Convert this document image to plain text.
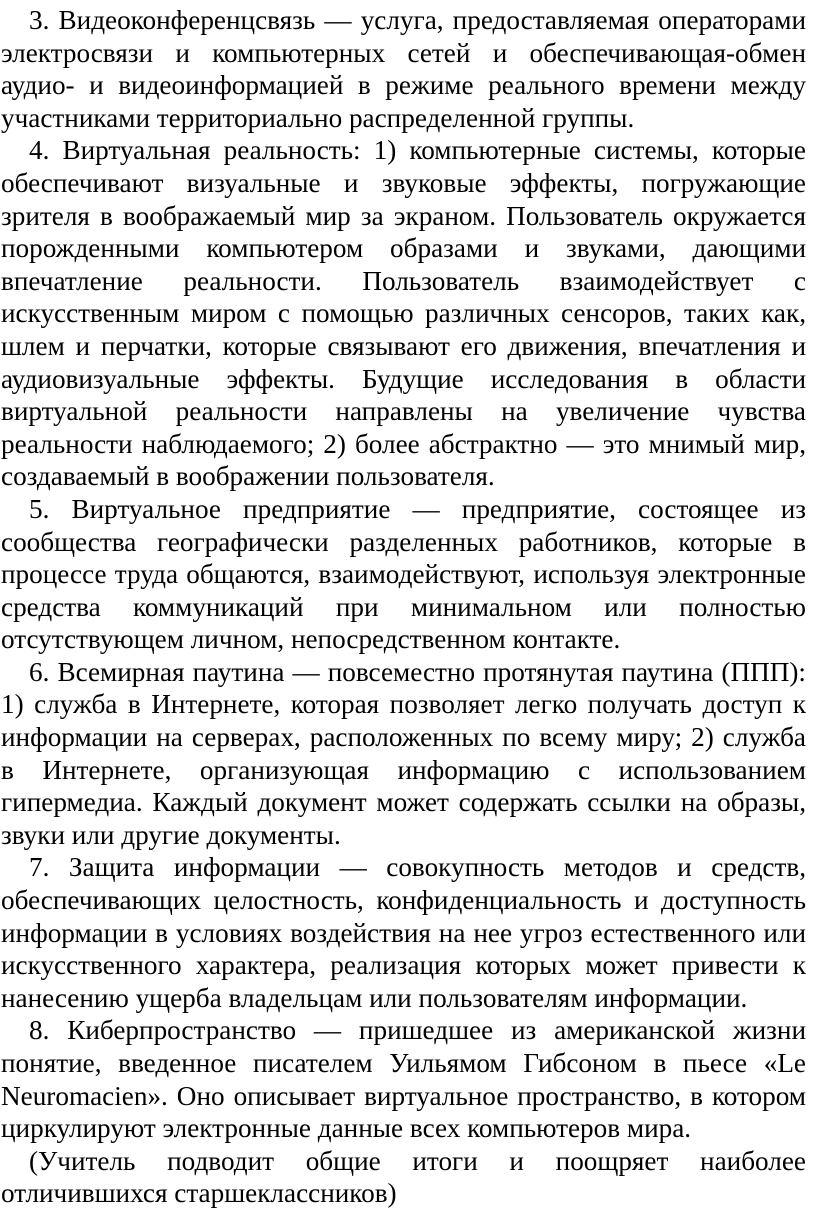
3. Видеоконференцсвязь — услуга, предоставляемая операторами электросвязи и компьютерных сетей и обеспечивающая-обмен аудио- и видеоинформацией в режиме реального времени между участниками территориально распределенной группы.

4. Виртуальная реальность: 1) компьютерные системы, которые обеспечивают визуальные и звуковые эффекты, погружающие зрителя в воображаемый мир за экраном. Пользователь окружается порожденными компьютером образами и звуками, дающими впечатление реальности. Пользователь взаимодействует с искусственным миром с помощью различных сенсоров, таких как, шлем и перчатки, которые связывают его движения, впечатления и аудиовизуальные эффекты. Будущие исследования в области виртуальной реальности направлены на увеличение чувства реальности наблюдаемого; 2) более абстрактно — это мнимый мир, создаваемый в воображении пользователя.

5. Виртуальное предприятие — предприятие, состоящее из сообщества географически разделенных работников, которые в процессе труда общаются, взаимодействуют, используя электронные средства коммуникаций при минимальном или полностью отсутствующем личном, непосредственном контакте.

6. Всемирная паутина — повсеместно протянутая паутина (ППП): 1) служба в Интернете, которая позволяет легко получать доступ к информации на серверах, расположенных по всему миру; 2) служба в Интернете, организующая информацию с использованием гипермедиа. Каждый документ может содержать ссылки на образы, звуки или другие документы.

7. Защита информации — совокупность методов и средств, обеспечивающих целостность, конфиденциальность и доступность информации в условиях воздействия на нее угроз естественного или искусственного характера, реализация которых может привести к нанесению ущерба владельцам или пользователям информации.

8. Киберпространство — пришедшее из американской жизни понятие, введенное писателем Уильямом Гибсоном в пьесе «Le Neuromacien». Оно описывает виртуальное пространство, в котором циркулируют электронные данные всех компьютеров мира.

(Учитель подводит общие итоги и поощряет наиболее отличившихся старшеклассников)
